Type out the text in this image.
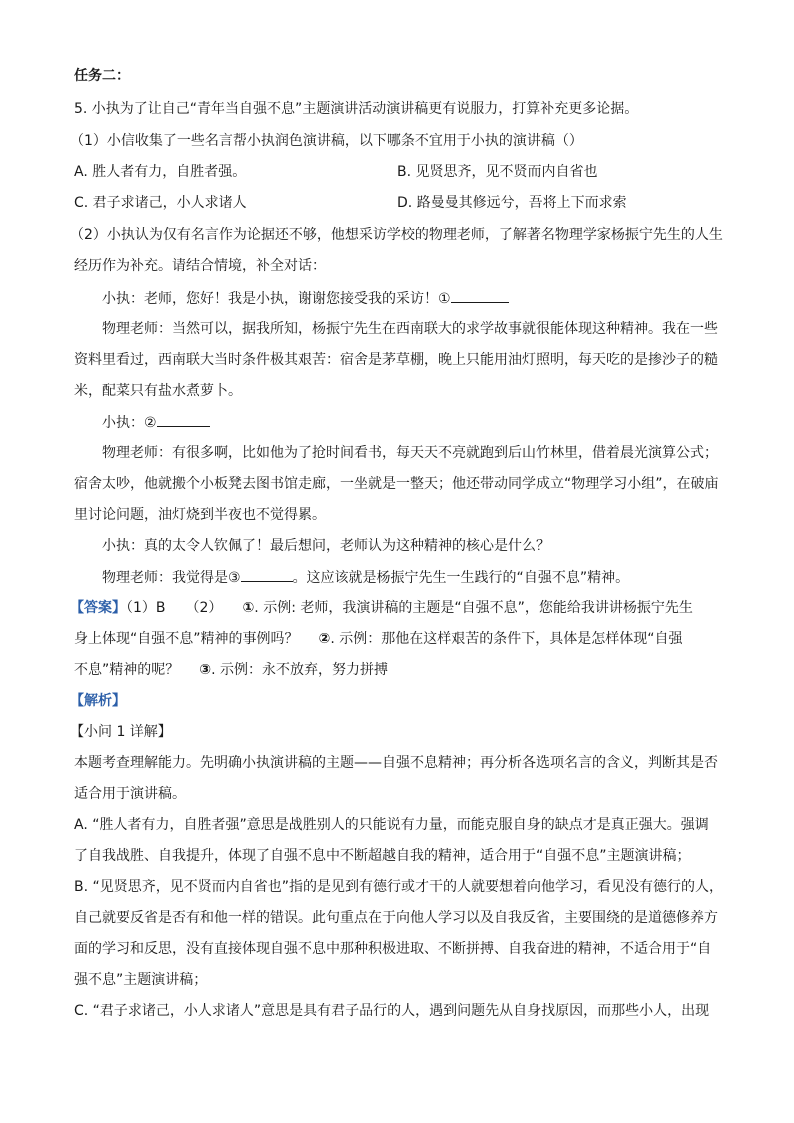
任务二：
5. 小执为了让自己“青年当自强不息”主题演讲活动演讲稿更有说服力，打算补充更多论据。
（1）小信收集了一些名言帮小执润色演讲稿，以下哪条不宜用于小执的演讲稿（）
A. 胜人者有力，自胜者强。	B. 见贤思齐，见不贤而内自省也
C. 君子求诸己，小人求诸人	D. 路曼曼其修远兮，吾将上下而求索
（2）小执认为仅有名言作为论据还不够，他想采访学校的物理老师，了解著名物理学家杨振宁先生的人生
经历作为补充。请结合情境，补全对话：
小执：老师，您好！我是小执，谢谢您接受我的采访！①
物理老师：当然可以，据我所知，杨振宁先生在西南联大的求学故事就很能体现这种精神。我在一些
资料里看过，西南联大当时条件极其艰苦：宿舍是茅草棚，晚上只能用油灯照明，每天吃的是掺沙子的糙
米，配菜只有盐水煮萝卜。
小执：②
物理老师：有很多啊，比如他为了抢时间看书，每天天不亮就跑到后山竹林里，借着晨光演算公式；
宿舍太吵，他就搬个小板凳去图书馆走廊，一坐就是一整天；他还带动同学成立“物理学习小组”，在破庙
里讨论问题，油灯烧到半夜也不觉得累。
小执：真的太令人钦佩了！最后想问，老师认为这种精神的核心是什么？
物理老师：我觉得是③	。这应该就是杨振宁先生一生践行的“自强不息”精神。
【答案】（1）B （2） ①. 示例: 老师，我演讲稿的主题是“自强不息”，您能给我讲讲杨振宁先生
身上体现“自强不息”精神的事例吗？ ②. 示例：那他在这样艰苦的条件下，具体是怎样体现“自强
不息”精神的呢？ ③. 示例：永不放弃，努力拼搏
【解析】
【小问 1 详解】
本题考查理解能力。先明确小执演讲稿的主题——自强不息精神；再分析各选项名言的含义，判断其是否
适合用于演讲稿。
A. “胜人者有力，自胜者强”意思是战胜别人的只能说有力量，而能克服自身的缺点才是真正强大。强调
了自我战胜、自我提升，体现了自强不息中不断超越自我的精神，适合用于“自强不息”主题演讲稿；
B. “见贤思齐，见不贤而内自省也”指的是见到有德行或才干的人就要想着向他学习，看见没有德行的人，
自己就要反省是否有和他一样的错误。此句重点在于向他人学习以及自我反省，主要围绕的是道德修养方
面的学习和反思，没有直接体现自强不息中那种积极进取、不断拼搏、自我奋进的精神，不适合用于“自
强不息”主题演讲稿；
C. “君子求诸己，小人求诸人”意思是具有君子品行的人，遇到问题先从自身找原因，而那些小人，出现
